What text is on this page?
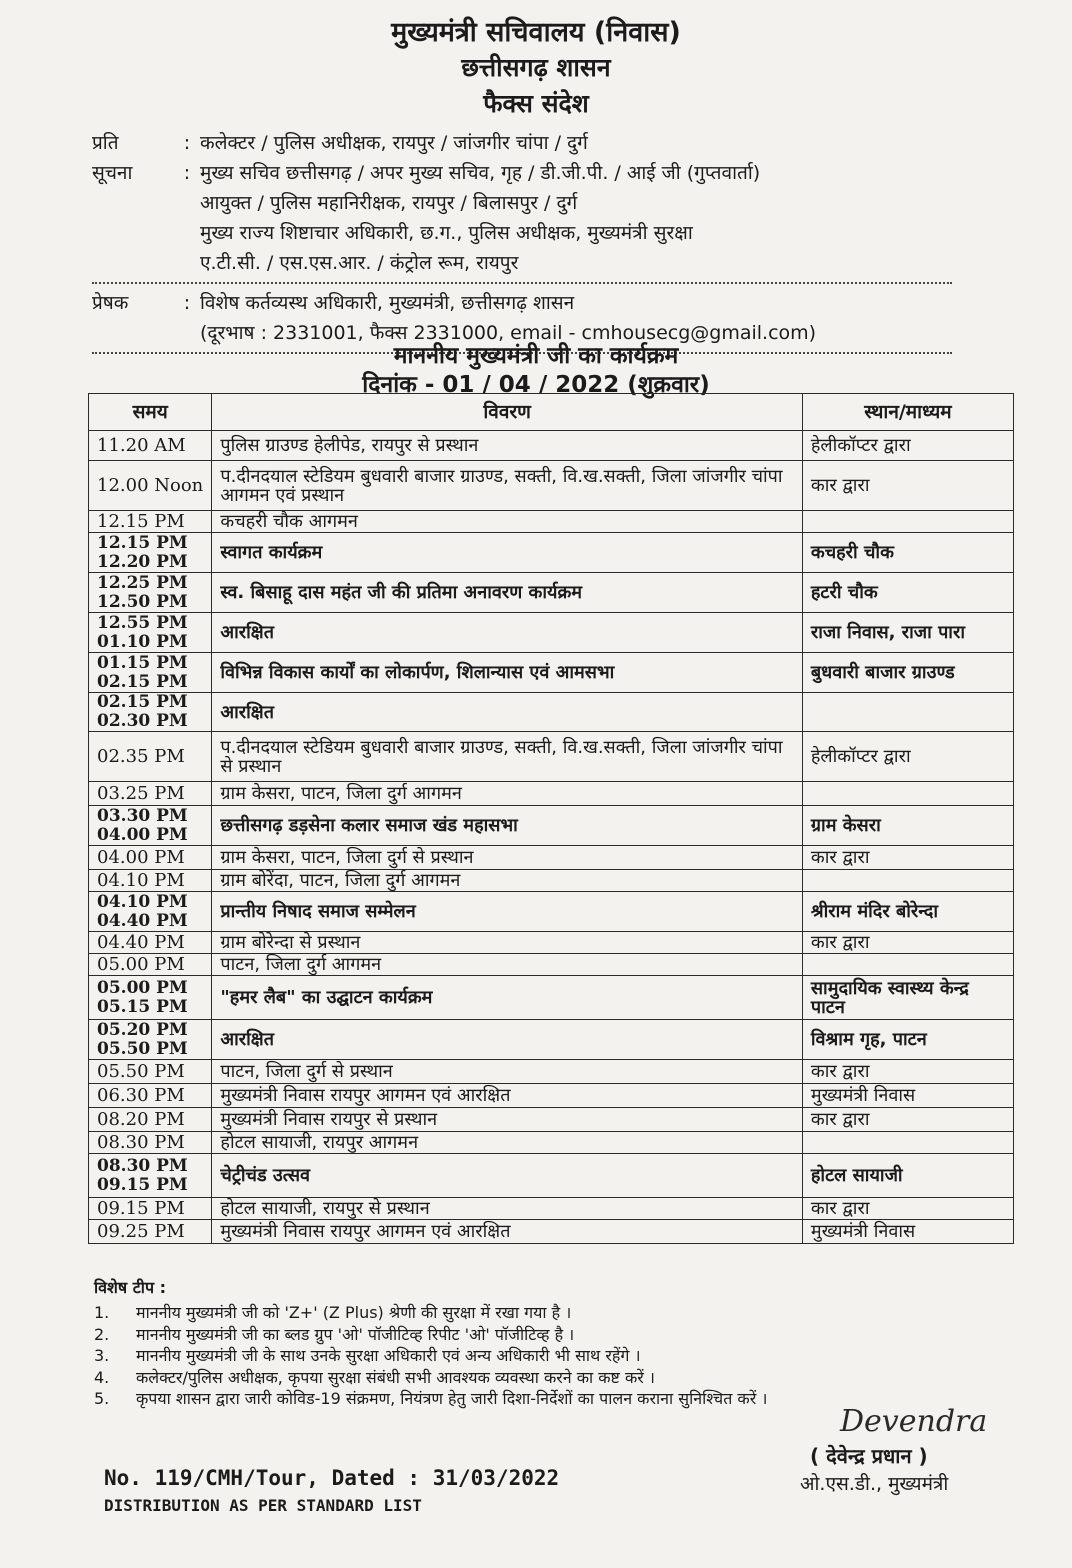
मुख्यमंत्री सचिवालय (निवास)
छत्तीसगढ़ शासन
फैक्स संदेश
प्रति	: कलेक्टर / पुलिस अधीक्षक, रायपुर / जांजगीर चांपा / दुर्ग
सूचना	: मुख्य सचिव छत्तीसगढ़ / अपर मुख्य सचिव, गृह / डी.जी.पी. / आई जी (गुप्तवार्ता)
आयुक्त / पुलिस महानिरीक्षक, रायपुर / बिलासपुर / दुर्ग
मुख्य राज्य शिष्टाचार अधिकारी, छ.ग., पुलिस अधीक्षक, मुख्यमंत्री सुरक्षा
ए.टी.सी. / एस.एस.आर. / कंट्रोल रूम, रायपुर
प्रेषक	: विशेष कर्तव्यस्थ अधिकारी, मुख्यमंत्री, छत्तीसगढ़ शासन
(दूरभाष : 2331001, फैक्स 2331000, email - cmhousecg@gmail.com)
माननीय मुख्यमंत्री जी का कार्यक्रम
दिनांक - 01 / 04 / 2022 (शुक्रवार)
समय	विवरण	स्थान/माध्यम

11.20 AM	पुलिस ग्राउण्ड हेलीपेड, रायपुर से प्रस्थान	हेलीकॉप्टर द्वारा

12.00 Noon	प.दीनदयाल स्टेडियम बुधवारी बाजार ग्राउण्ड, सक्ती, वि.ख.सक्ती, जिला जांजगीर चांपा आगमन एवं प्रस्थान	कार द्वारा

12.15 PM	कचहरी चौक आगमन	

12.15 PM
12.20 PM	स्वागत कार्यक्रम	कचहरी चौक

12.25 PM
12.50 PM	स्व. बिसाहू दास महंत जी की प्रतिमा अनावरण कार्यक्रम	हटरी चौक

12.55 PM
01.10 PM	आरक्षित	राजा निवास, राजा पारा

01.15 PM
02.15 PM	विभिन्न विकास कार्यों का लोकार्पण, शिलान्यास एवं आमसभा	बुधवारी बाजार ग्राउण्ड

02.15 PM
02.30 PM	आरक्षित	

02.35 PM	प.दीनदयाल स्टेडियम बुधवारी बाजार ग्राउण्ड, सक्ती, वि.ख.सक्ती, जिला जांजगीर चांपा से प्रस्थान	हेलीकॉप्टर द्वारा

03.25 PM	ग्राम केसरा, पाटन, जिला दुर्ग आगमन	

03.30 PM
04.00 PM	छत्तीसगढ़ डड़सेना कलार समाज खंड महासभा	ग्राम केसरा

04.00 PM	ग्राम केसरा, पाटन, जिला दुर्ग से प्रस्थान	कार द्वारा

04.10 PM	ग्राम बोरेंदा, पाटन, जिला दुर्ग आगमन	

04.10 PM
04.40 PM	प्रान्तीय निषाद समाज सम्मेलन	श्रीराम मंदिर बोरेन्दा

04.40 PM	ग्राम बोरेन्दा से प्रस्थान	कार द्वारा

05.00 PM	पाटन, जिला दुर्ग आगमन	

05.00 PM
05.15 PM	"हमर लैब" का उद्घाटन कार्यक्रम	सामुदायिक स्वास्थ्य केन्द्र पाटन

05.20 PM
05.50 PM	आरक्षित	विश्राम गृह, पाटन

05.50 PM	पाटन, जिला दुर्ग से प्रस्थान	कार द्वारा

06.30 PM	मुख्यमंत्री निवास रायपुर आगमन एवं आरक्षित	मुख्यमंत्री निवास

08.20 PM	मुख्यमंत्री निवास रायपुर से प्रस्थान	कार द्वारा

08.30 PM	होटल सायाजी, रायपुर आगमन	

08.30 PM
09.15 PM	चेट्रीचंड उत्सव	होटल सायाजी

09.15 PM	होटल सायाजी, रायपुर से प्रस्थान	कार द्वारा

09.25 PM	मुख्यमंत्री निवास रायपुर आगमन एवं आरक्षित	मुख्यमंत्री निवास
विशेष टीप :
1.	माननीय मुख्यमंत्री जी को 'Z+' (Z Plus) श्रेणी की सुरक्षा में रखा गया है ।
2.	माननीय मुख्यमंत्री जी का ब्लड ग्रुप 'ओ' पॉजीटिव्ह रिपीट 'ओ' पॉजीटिव्ह है ।
3.	माननीय मुख्यमंत्री जी के साथ उनके सुरक्षा अधिकारी एवं अन्य अधिकारी भी साथ रहेंगे ।
4.	कलेक्टर/पुलिस अधीक्षक, कृपया सुरक्षा संबंधी सभी आवश्यक व्यवस्था करने का कष्ट करें ।
5.	कृपया शासन द्वारा जारी कोविड-19 संक्रमण, नियंत्रण हेतु जारी दिशा-निर्देशों का पालन कराना सुनिश्चित करें ।
Devendra
( देवेन्द्र प्रधान )
ओ.एस.डी., मुख्यमंत्री
No. 119/CMH/Tour, Dated : 31/03/2022
DISTRIBUTION AS PER STANDARD LIST
